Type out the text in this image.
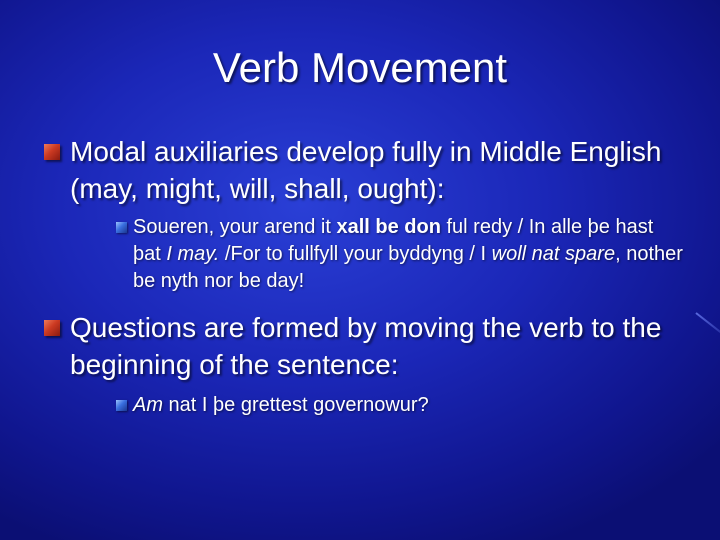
Verb Movement
Modal auxiliaries develop fully in Middle English (may, might, will, shall, ought):
Soueren, your arend it xall be don ful redy / In alle þe hast þat I may. /For to fullfyll your byddyng / I woll nat spare, nother be nyth nor be day!
Questions are formed by moving the verb to the beginning of the sentence:
Am nat I þe grettest governowur?
